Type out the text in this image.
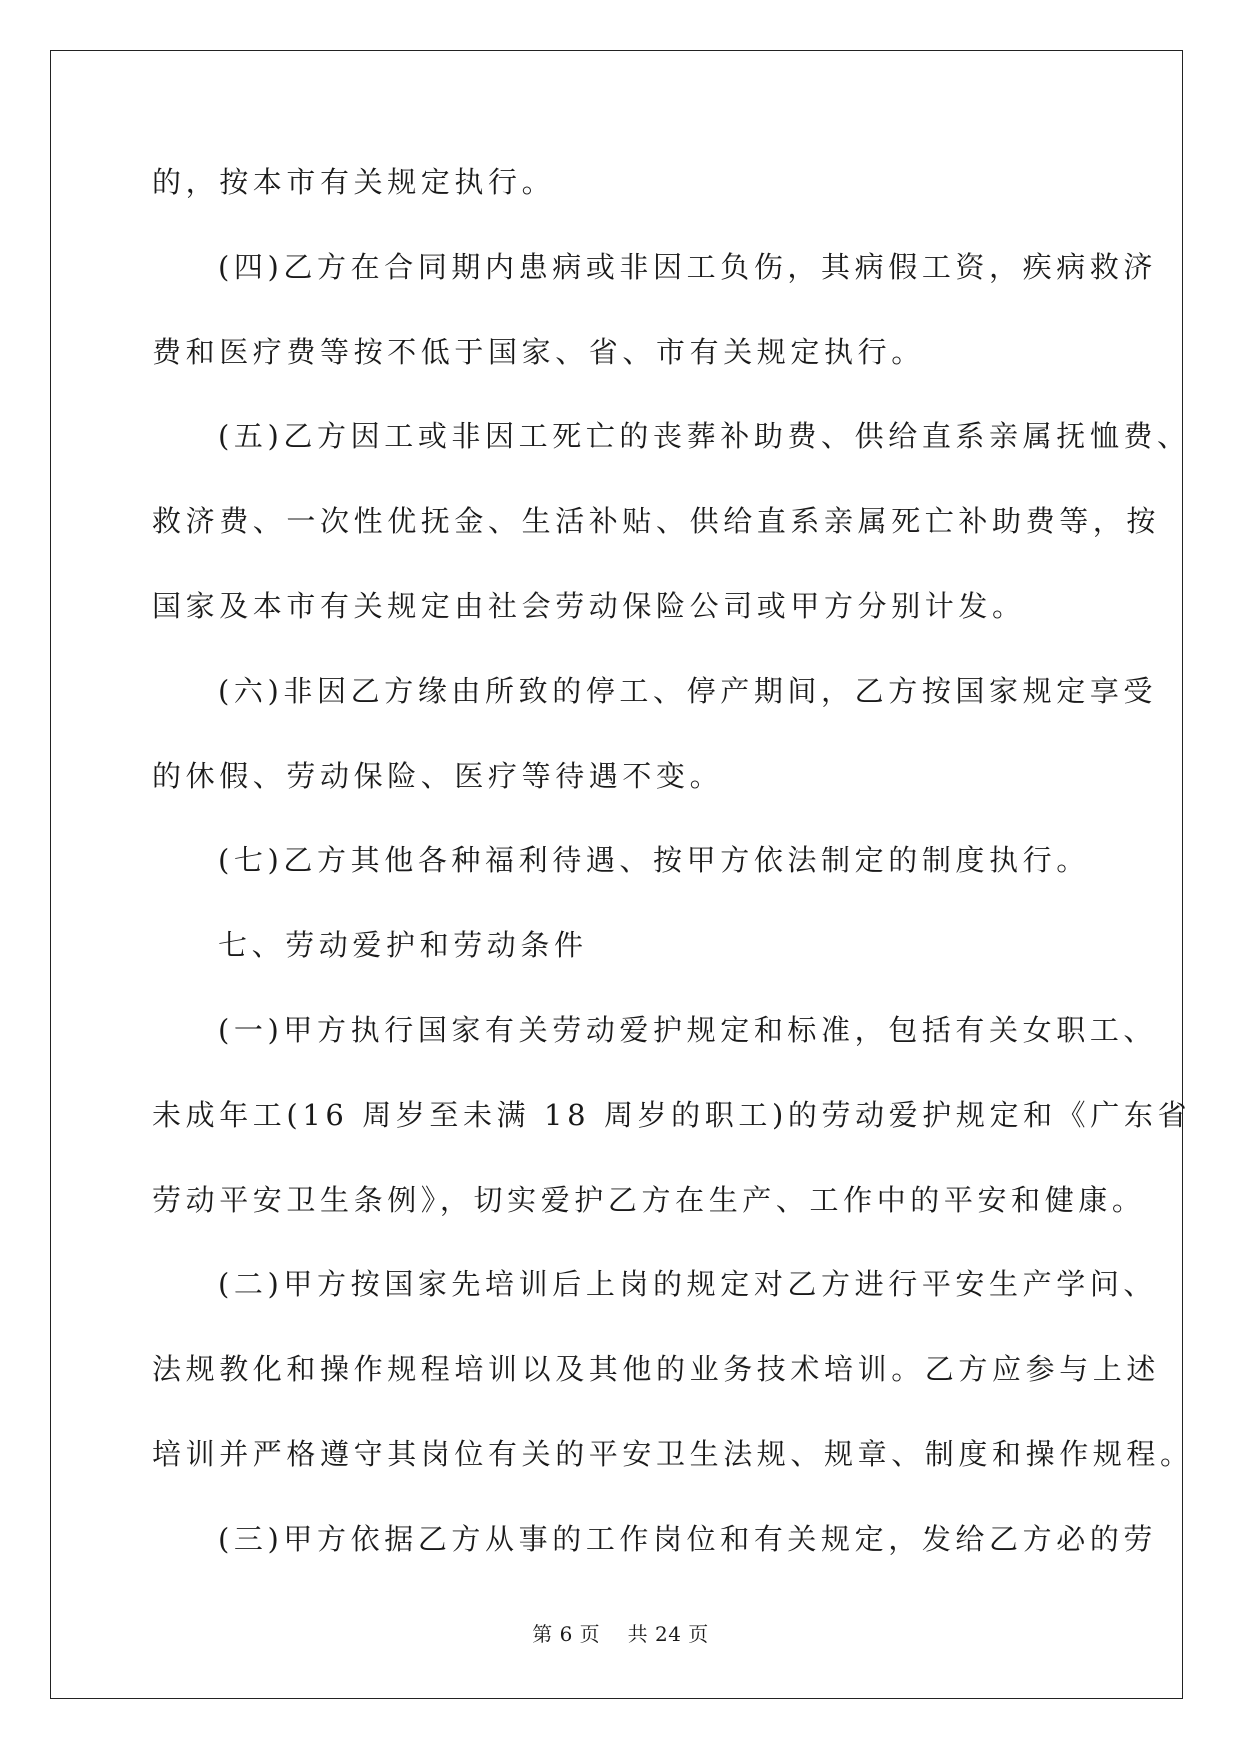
的，按本市有关规定执行。
(四)乙方在合同期内患病或非因工负伤，其病假工资，疾病救济
费和医疗费等按不低于国家、省、市有关规定执行。
(五)乙方因工或非因工死亡的丧葬补助费、供给直系亲属抚恤费、
救济费、一次性优抚金、生活补贴、供给直系亲属死亡补助费等，按
国家及本市有关规定由社会劳动保险公司或甲方分别计发。
(六)非因乙方缘由所致的停工、停产期间，乙方按国家规定享受
的休假、劳动保险、医疗等待遇不变。
(七)乙方其他各种福利待遇、按甲方依法制定的制度执行。
七、劳动爱护和劳动条件
(一)甲方执行国家有关劳动爱护规定和标准，包括有关女职工、
未成年工(16 周岁至未满 18 周岁的职工)的劳动爱护规定和《广东省
劳动平安卫生条例》，切实爱护乙方在生产、工作中的平安和健康。
(二)甲方按国家先培训后上岗的规定对乙方进行平安生产学问、
法规教化和操作规程培训以及其他的业务技术培训。乙方应参与上述
培训并严格遵守其岗位有关的平安卫生法规、规章、制度和操作规程。
(三)甲方依据乙方从事的工作岗位和有关规定，发给乙方必的劳
第 6 页 共 24 页
